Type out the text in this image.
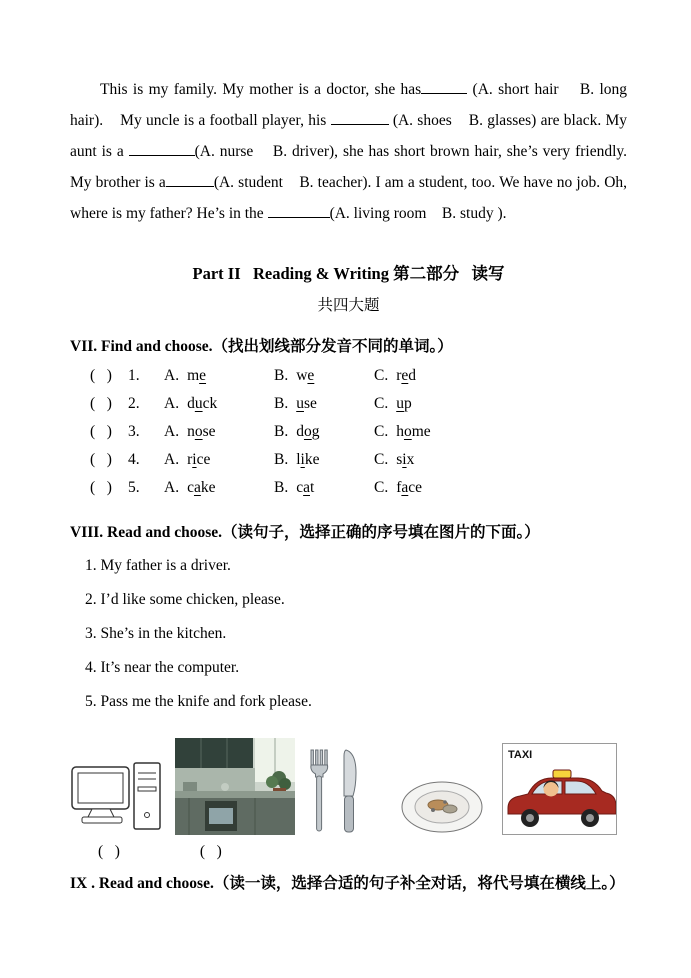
This is my family. My mother is a doctor, she has	(A. short hair    B. long hair).    My uncle is a football player, his	(A. shoes    B. glasses) are black. My aunt is a	(A. nurse    B. driver), she has short brown hair, she’s very friendly. My brother is a	(A. student    B. teacher). I am a student, too. We have no job. Oh, where is my father? He’s in the	(A. living room    B. study ).

Part II   Reading & Writing 第二部分   读写
共四大题
VII. Find and choose.（找出划线部分发音不同的单词。）
(   )	1.	A. me	B. we	C. red
(   )	2.	A. duck	B. use	C. up
(   )	3.	A. nose	B. dog	C. home
(   )	4.	A. rice	B. like	C. six
(   )	5.	A. cake	B. cat	C. face
VIII. Read and choose.（读句子，选择正确的序号填在图片的下面。）
1. My father is a driver.
2. I’d like some chicken, please.
3. She’s in the kitchen.
4. It’s near the computer.
5. Pass me the knife and fork please.
TAXI
(   )	(   )
IX . Read and choose.（读一读，选择合适的句子补全对话，将代号填在横线上。）
